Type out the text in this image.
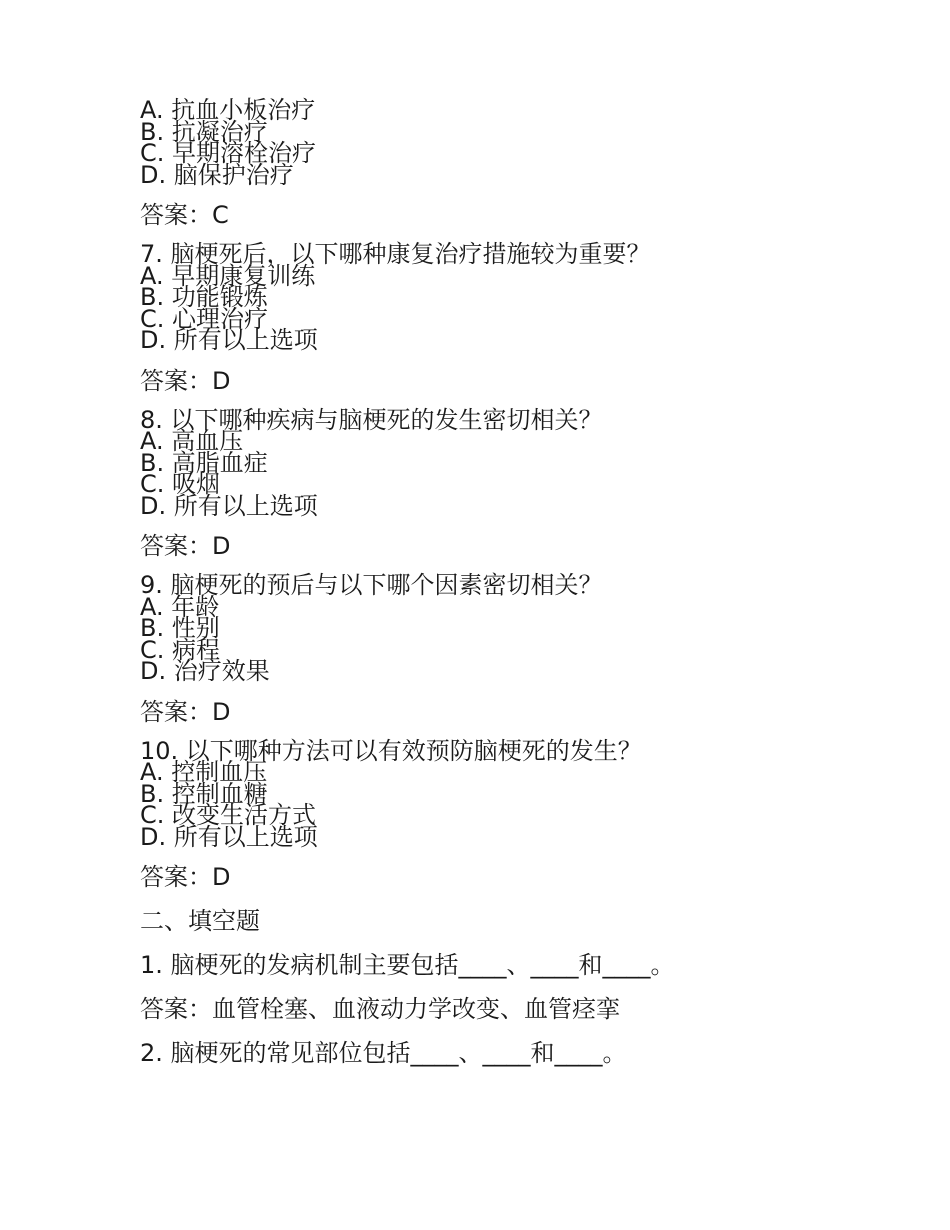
A. 抗血小板治疗
B. 抗凝治疗
C. 早期溶栓治疗
D. 脑保护治疗
答案：C
7. 脑梗死后，以下哪种康复治疗措施较为重要？
A. 早期康复训练
B. 功能锻炼
C. 心理治疗
D. 所有以上选项
答案：D
8. 以下哪种疾病与脑梗死的发生密切相关？
A. 高血压
B. 高脂血症
C. 吸烟
D. 所有以上选项
答案：D
9. 脑梗死的预后与以下哪个因素密切相关？
A. 年龄
B. 性别
C. 病程
D. 治疗效果
答案：D
10. 以下哪种方法可以有效预防脑梗死的发生？
A. 控制血压
B. 控制血糖
C. 改变生活方式
D. 所有以上选项
答案：D
二、填空题
1. 脑梗死的发病机制主要包括____、____和____。
答案：血管栓塞、血液动力学改变、血管痉挛
2. 脑梗死的常见部位包括____、____和____。
